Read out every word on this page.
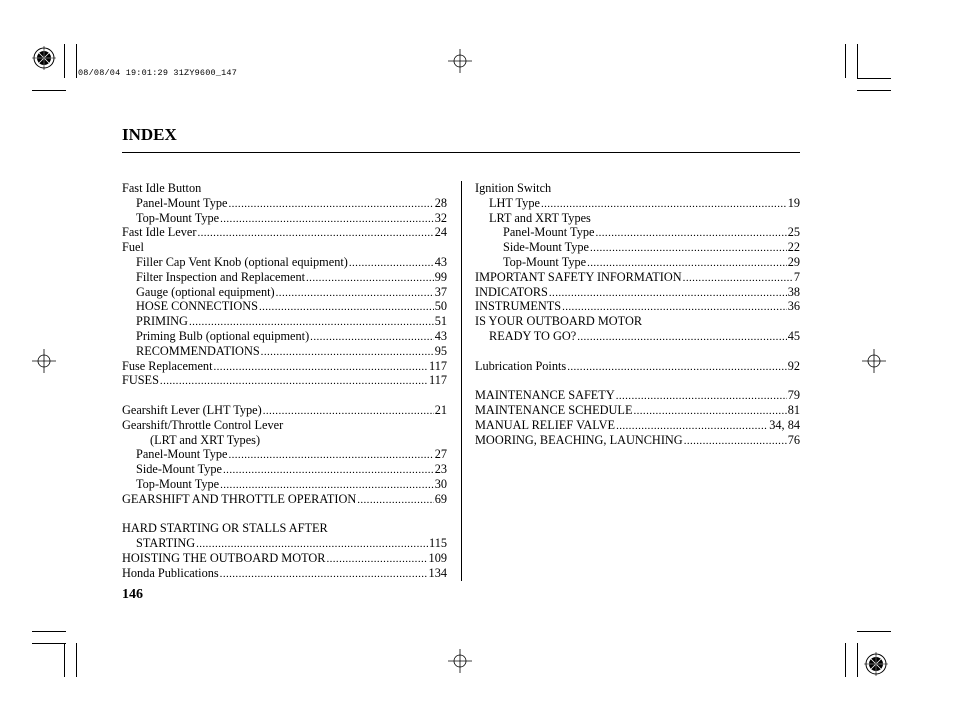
08/08/04 19:01:29 31ZY9600_147
INDEX
Fast Idle Button
Panel-Mount Type .....	28
Top-Mount Type .....	32
Fast Idle Lever .....	24
Fuel
Filler Cap Vent Knob (optional equipment) .....	43
Filter Inspection and Replacement .....	99
Gauge (optional equipment) .....	37
HOSE CONNECTIONS .....	50
PRIMING .....	51
Priming Bulb (optional equipment) .....	43
RECOMMENDATIONS .....	95
Fuse Replacement .....	117
FUSES .....	117
Gearshift Lever (LHT Type) .....	21
Gearshift/Throttle Control Lever
(LRT and XRT Types)
Panel-Mount Type .....	27
Side-Mount Type .....	23
Top-Mount Type .....	30
GEARSHIFT AND THROTTLE OPERATION .....	69
HARD STARTING OR STALLS AFTER
STARTING .....	115
HOISTING THE OUTBOARD MOTOR .....	109
Honda Publications .....	134
Ignition Switch
LHT Type .....	19
LRT and XRT Types
Panel-Mount Type .....	25
Side-Mount Type .....	22
Top-Mount Type .....	29
IMPORTANT SAFETY INFORMATION .....	7
INDICATORS .....	38
INSTRUMENTS .....	36
IS YOUR OUTBOARD MOTOR
READY TO GO? .....	45
Lubrication Points .....	92
MAINTENANCE SAFETY .....	79
MAINTENANCE SCHEDULE .....	81
MANUAL RELIEF VALVE .....	34, 84
MOORING, BEACHING, LAUNCHING .....	76
146
